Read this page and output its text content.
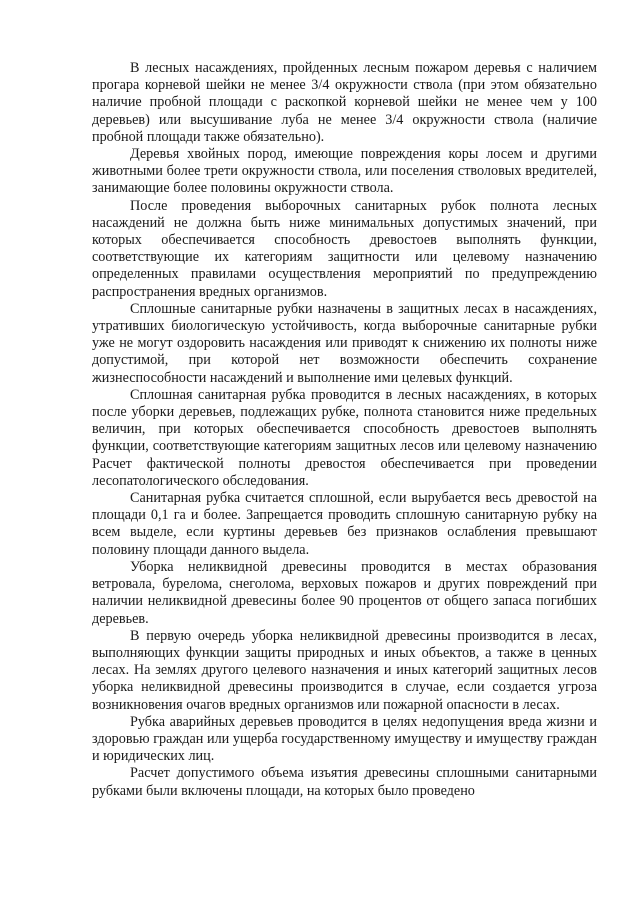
В лесных насаждениях, пройденных лесным пожаром деревья с наличием прогара корневой шейки не менее 3/4 окружности ствола (при этом обязательно наличие пробной площади с раскопкой корневой шейки не менее чем у 100 деревьев) или высушивание луба не менее 3/4 окружности ствола (наличие пробной площади также обязательно).

Деревья хвойных пород, имеющие повреждения коры лосем и другими животными более трети окружности ствола, или поселения стволовых вредителей, занимающие более половины окружности ствола.

После проведения выборочных санитарных рубок полнота лесных насаждений не должна быть ниже минимальных допустимых значений, при которых обеспечивается способность древостоев выполнять функции, соответствующие их категориям защитности или целевому назначению определенных правилами осуществления мероприятий по предупреждению распространения вредных организмов.

Сплошные санитарные рубки назначены в защитных лесах в насаждениях, утративших биологическую устойчивость, когда выборочные санитарные рубки уже не могут оздоровить насаждения или приводят к снижению их полноты ниже допустимой, при которой нет возможности обеспечить сохранение жизнеспособности насаждений и выполнение ими целевых функций.

Сплошная санитарная рубка проводится в лесных насаждениях, в которых после уборки деревьев, подлежащих рубке, полнота становится ниже предельных величин, при которых обеспечивается способность древостоев выполнять функции, соответствующие категориям защитных лесов или целевому назначению Расчет фактической полноты древостоя обеспечивается при проведении лесопатологического обследования.

Санитарная рубка считается сплошной, если вырубается весь древостой на площади 0,1 га и более. Запрещается проводить сплошную санитарную рубку на всем выделе, если куртины деревьев без признаков ослабления превышают половину площади данного выдела.

Уборка неликвидной древесины проводится в местах образования ветровала, бурелома, снеголома, верховых пожаров и других повреждений при наличии неликвидной древесины более 90 процентов от общего запаса погибших деревьев.

В первую очередь уборка неликвидной древесины производится в лесах, выполняющих функции защиты природных и иных объектов, а также в ценных лесах. На землях другого целевого назначения и иных категорий защитных лесов уборка неликвидной древесины производится в случае, если создается угроза возникновения очагов вредных организмов или пожарной опасности в лесах.

Рубка аварийных деревьев проводится в целях недопущения вреда жизни и здоровью граждан или ущерба государственному имуществу и имуществу граждан и юридических лиц.

Расчет допустимого объема изъятия древесины сплошными санитарными рубками были включены площади, на которых было проведено
